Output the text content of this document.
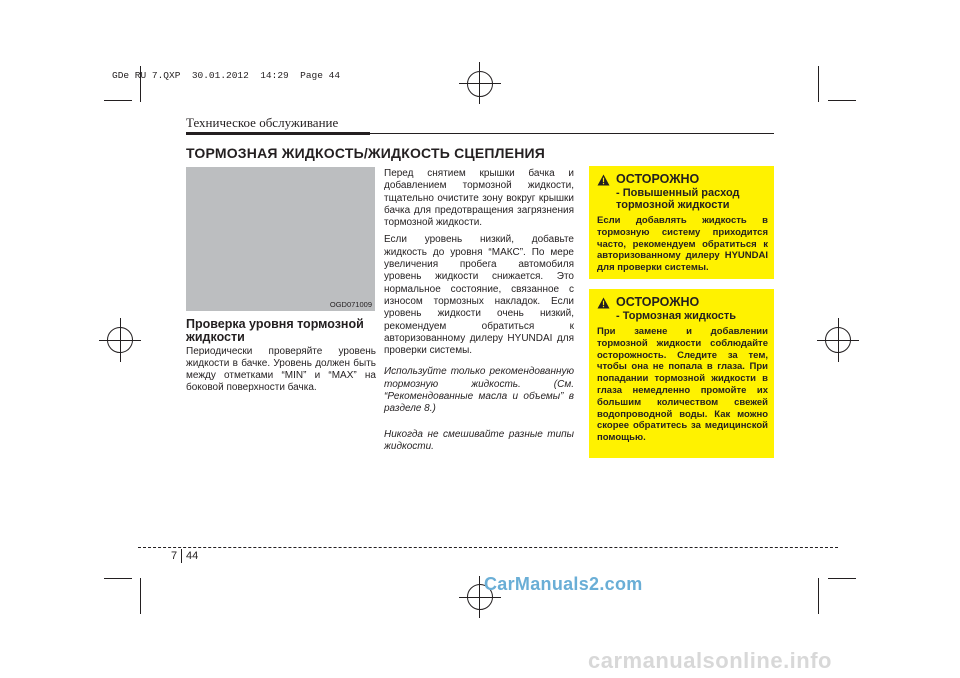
GDe RU 7.QXP  30.01.2012  14:29  Page 44
Техническое обслуживание
ТОРМОЗНАЯ ЖИДКОСТЬ/ЖИДКОСТЬ СЦЕПЛЕНИЯ
OGD071009
Проверка уровня тормозной жидкости
Периодически проверяйте уровень жидкости в бачке. Уровень должен быть между отметками “MIN” и “MAX” на боковой поверхности бачка.

Перед снятием крышки бачка и добавлением тормозной жидкости, тщательно очистите зону вокруг крышки бачка для предотвращения загрязнения тормозной жидкости.

Если уровень низкий, добавьте жидкость до уровня “МАКС”. По мере увеличения пробега автомобиля уровень жидкости снижается. Это нормальное состояние, связанное с износом тормозных накладок. Если уровень жидкости очень низкий, рекомендуем обратиться к авторизованному дилеру HYUNDAI для проверки системы.

Используйте только рекомендованную тормозную жидкость. (См. “Рекомендованные масла и объемы” в разделе 8.)

Никогда не смешивайте разные типы жидкости.

ОСТОРОЖНО
- Повышенный расход тормозной жидкости
Если добавлять жидкость в тормозную систему приходится часто, рекомендуем обратиться к авторизованному дилеру HYUNDAI для проверки системы.
ОСТОРОЖНО
- Тормозная жидкость
При замене и добавлении тормозной жидкости соблюдайте осторожность. Следите за тем, чтобы она не попала в глаза. При попадании тормозной жидкости в глаза немедленно промойте их большим количеством свежей водопроводной воды. Как можно скорее обратитесь за медицинской помощью.
7 44
CarManuals2.com
carmanualsonline.info
